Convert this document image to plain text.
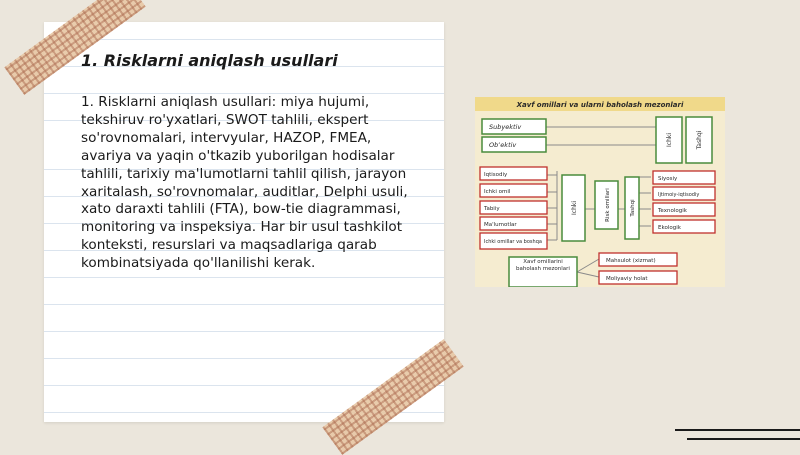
1. Risklarni aniqlash usullari

1. Risklarni aniqlash usullari: miya hujumi, tekshiruv ro'yxatlari, SWOT tahlili, ekspert so'rovnomalari, intervyular, HAZOP, FMEA, avariya va yaqin o'tkazib yuborilgan hodisalar tahlili, tarixiy ma'lumotlarni tahlil qilish, jarayon xaritalash, so'rovnomalar, auditlar, Delphi usuli, xato daraxti tahlili (FTA), bow-tie diagrammasi, monitoring va inspeksiya. Har bir usul tashkilot konteksti, resurslari va maqsadlariga qarab kombinatsiyada qo'llanilishi kerak.

Xavf omillari va ularni baholash mezonlari
Subyektiv
Obʼektiv
Iqtisodiy
Ichki omil
Tabiiy
Ma'lumotlar
Ichki omillar va boshqa
Ichki	Risk omillari	Tashqi
Ichki	Tashqi
Siyosiy
Ijtimoiy-iqtisodiy
Texnologik
Ekologik
Xavf omillarini baholash mezonlari
Mahsulot (xizmat)
Moliyaviy holat
